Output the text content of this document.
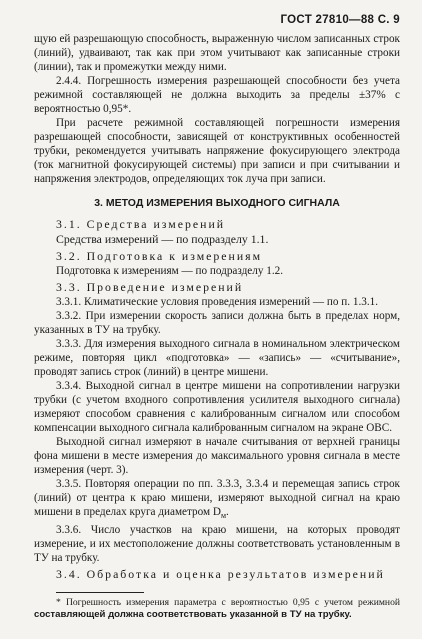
ГОСТ 27810—88 С. 9

щую ей разрешающую способность, выраженную числом записанных строк (линий), удваивают, так как при этом учитывают как записанные строки (линии), так и промежутки между ними.

2.4.4. Погрешность измерения разрешающей способности без учета режимной составляющей не должна выходить за пределы ±37% с вероятностью 0,95*.

При расчете режимной составляющей погрешности измерения разрешающей способности, зависящей от конструктивных особенностей трубки, рекомендуется учитывать напряжение фокусирующего электрода (ток магнитной фокусирующей системы) при записи и при считывании и напряжения электродов, определяющих ток луча при записи.

3. МЕТОД ИЗМЕРЕНИЯ ВЫХОДНОГО СИГНАЛА

3.1. Средства измерений

Средства измерений — по подразделу 1.1.

3.2. Подготовка к измерениям

Подготовка к измерениям — по подразделу 1.2.

3.3. Проведение измерений

3.3.1. Климатические условия проведения измерений — по п. 1.3.1.

3.3.2. При измерении скорость записи должна быть в пределах норм, указанных в ТУ на трубку.

3.3.3. Для измерения выходного сигнала в номинальном электрическом режиме, повторяя цикл «подготовка» — «запись» — «считывание», проводят запись строк (линий) в центре мишени.

3.3.4. Выходной сигнал в центре мишени на сопротивлении нагрузки трубки (с учетом входного сопротивления усилителя выходного сигнала) измеряют способом сравнения с калиброванным сигналом или способом компенсации выходного сигнала калиброванным сигналом на экране ОВС.

Выходной сигнал измеряют в начале считывания от верхней границы фона мишени в месте измерения до максимального уровня сигнала в месте измерения (черт. 3).

3.3.5. Повторяя операции по пп. 3.3.3, 3.3.4 и перемещая запись строк (линий) от центра к краю мишени, измеряют выходной сигнал на краю мишени в пределах круга диаметром $D_м$.

3.3.6. Число участков на краю мишени, на которых проводят измерение, и их местоположение должны соответствовать установленным в ТУ на трубку.

3.4. Обработка и оценка результатов измерений

* Погрешность измерения параметра с вероятностью 0,95 с учетом режимной составляющей должна соответствовать указанной в ТУ на трубку.
